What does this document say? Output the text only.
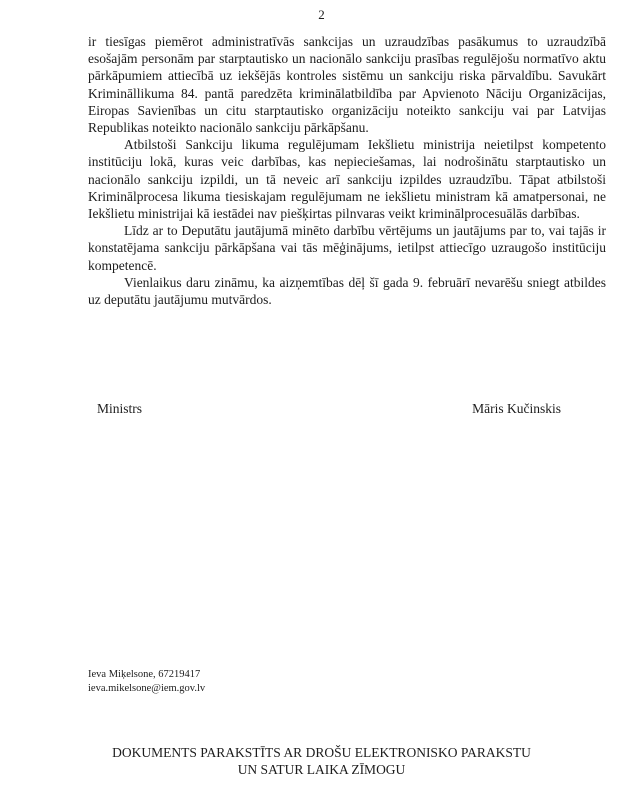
2

ir tiesīgas piemērot administratīvās sankcijas un uzraudzības pasākumus to uzraudzībā esošajām personām par starptautisko un nacionālo sankciju prasības regulējošu normatīvo aktu pārkāpumiem attiecībā uz iekšējās kontroles sistēmu un sankciju riska pārvaldību. Savukārt Krimināllikuma 84. pantā paredzēta kriminālatbildība par Apvienoto Nāciju Organizācijas, Eiropas Savienības un citu starptautisko organizāciju noteikto sankciju vai par Latvijas Republikas noteikto nacionālo sankciju pārkāpšanu.

Atbilstoši Sankciju likuma regulējumam Iekšlietu ministrija neietilpst kompetento institūciju lokā, kuras veic darbības, kas nepieciešamas, lai nodrošinātu starptautisko un nacionālo sankciju izpildi, un tā neveic arī sankciju izpildes uzraudzību. Tāpat atbilstoši Kriminālprocesa likuma tiesiskajam regulējumam ne iekšlietu ministram kā amatpersonai, ne Iekšlietu ministrijai kā iestādei nav piešķirtas pilnvaras veikt kriminālprocesuālās darbības.

Līdz ar to Deputātu jautājumā minēto darbību vērtējums un jautājums par to, vai tajās ir konstatējama sankciju pārkāpšana vai tās mēģinājums, ietilpst attiecīgo uzraugošo institūciju kompetencē.

Vienlaikus daru zināmu, ka aizņemtības dēļ šī gada 9. februārī nevarēšu sniegt atbildes uz deputātu jautājumu mutvārdos.

Ministrs	Māris Kučinskis
Ieva Miķelsone, 67219417
ieva.mikelsone@iem.gov.lv
DOKUMENTS PARAKSTĪTS AR DROŠU ELEKTRONISKO PARAKSTU
UN SATUR LAIKA ZĪMOGU
